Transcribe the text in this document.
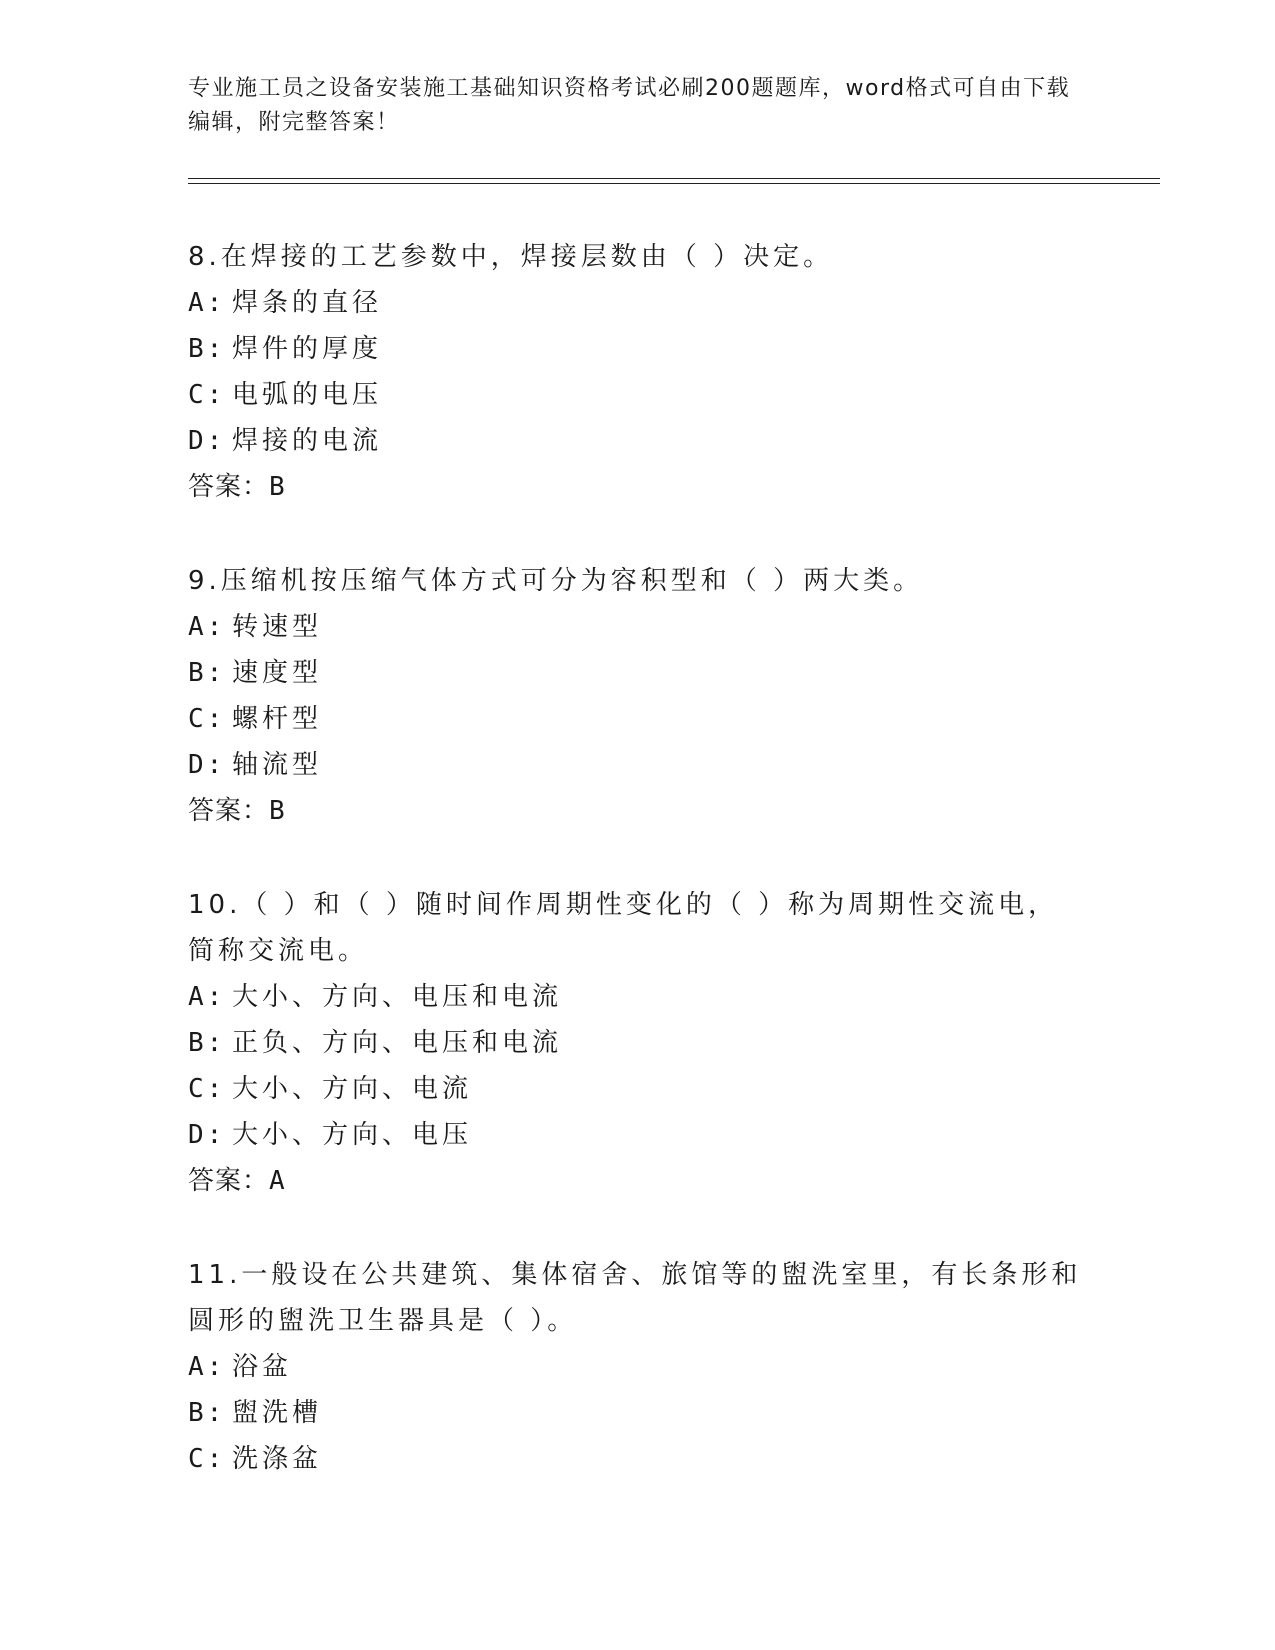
专业施工员之设备安装施工基础知识资格考试必刷200题题库，word格式可自由下载编辑，附完整答案！
8.在焊接的工艺参数中，焊接层数由（ ）决定。
A: 焊条的直径
B: 焊件的厚度
C: 电弧的电压
D: 焊接的电流
答案：B
9.压缩机按压缩气体方式可分为容积型和（ ）两大类。
A: 转速型
B: 速度型
C: 螺杆型
D: 轴流型
答案：B
10.（ ）和（ ）随时间作周期性变化的（ ）称为周期性交流电，简称交流电。
A: 大小、方向、电压和电流
B: 正负、方向、电压和电流
C: 大小、方向、电流
D: 大小、方向、电压
答案：A
11.一般设在公共建筑、集体宿舍、旅馆等的盥洗室里，有长条形和圆形的盥洗卫生器具是（ ）。
A: 浴盆
B: 盥洗槽
C: 洗涤盆
